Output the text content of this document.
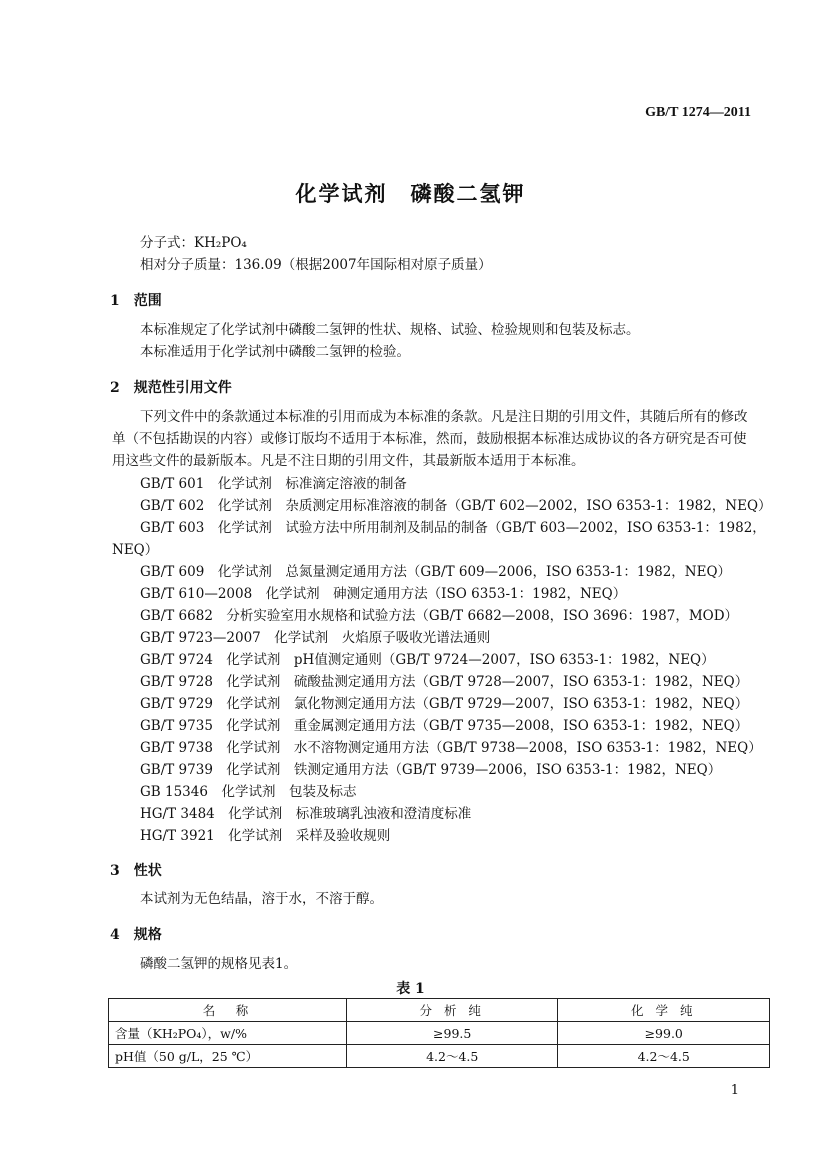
GB/T 1274—2011
化学试剂　磷酸二氢钾
分子式：KH₂PO₄
相对分子质量：136.09（根据2007年国际相对原子质量）
1　范围
本标准规定了化学试剂中磷酸二氢钾的性状、规格、试验、检验规则和包装及标志。
本标准适用于化学试剂中磷酸二氢钾的检验。
2　规范性引用文件
下列文件中的条款通过本标准的引用而成为本标准的条款。凡是注日期的引用文件，其随后所有的修改单（不包括勘误的内容）或修订版均不适用于本标准，然而，鼓励根据本标准达成协议的各方研究是否可使用这些文件的最新版本。凡是不注日期的引用文件，其最新版本适用于本标准。
GB/T 601　化学试剂　标准滴定溶液的制备
GB/T 602　化学试剂　杂质测定用标准溶液的制备（GB/T 602—2002，ISO 6353-1：1982，NEQ）
GB/T 603　化学试剂　试验方法中所用制剂及制品的制备（GB/T 603—2002，ISO 6353-1：1982，
NEQ）
GB/T 609　化学试剂　总氮量测定通用方法（GB/T 609—2006，ISO 6353-1：1982，NEQ）
GB/T 610—2008　化学试剂　砷测定通用方法（ISO 6353-1：1982，NEQ）
GB/T 6682　分析实验室用水规格和试验方法（GB/T 6682—2008，ISO 3696：1987，MOD）
GB/T 9723—2007　化学试剂　火焰原子吸收光谱法通则
GB/T 9724　化学试剂　pH值测定通则（GB/T 9724—2007，ISO 6353-1：1982，NEQ）
GB/T 9728　化学试剂　硫酸盐测定通用方法（GB/T 9728—2007，ISO 6353-1：1982，NEQ）
GB/T 9729　化学试剂　氯化物测定通用方法（GB/T 9729—2007，ISO 6353-1：1982，NEQ）
GB/T 9735　化学试剂　重金属测定通用方法（GB/T 9735—2008，ISO 6353-1：1982，NEQ）
GB/T 9738　化学试剂　水不溶物测定通用方法（GB/T 9738—2008，ISO 6353-1：1982，NEQ）
GB/T 9739　化学试剂　铁测定通用方法（GB/T 9739—2006，ISO 6353-1：1982，NEQ）
GB 15346　化学试剂　包装及标志
HG/T 3484　化学试剂　标准玻璃乳浊液和澄清度标准
HG/T 3921　化学试剂　采样及验收规则
3　性状
本试剂为无色结晶，溶于水，不溶于醇。
4　规格
磷酸二氢钾的规格见表1。
表 1
名　称	分 析 纯	化 学 纯
含量（KH₂PO₄），w/%	≥99.5	≥99.0
pH值（50 g/L，25 ℃）	4.2～4.5	4.2～4.5
1
